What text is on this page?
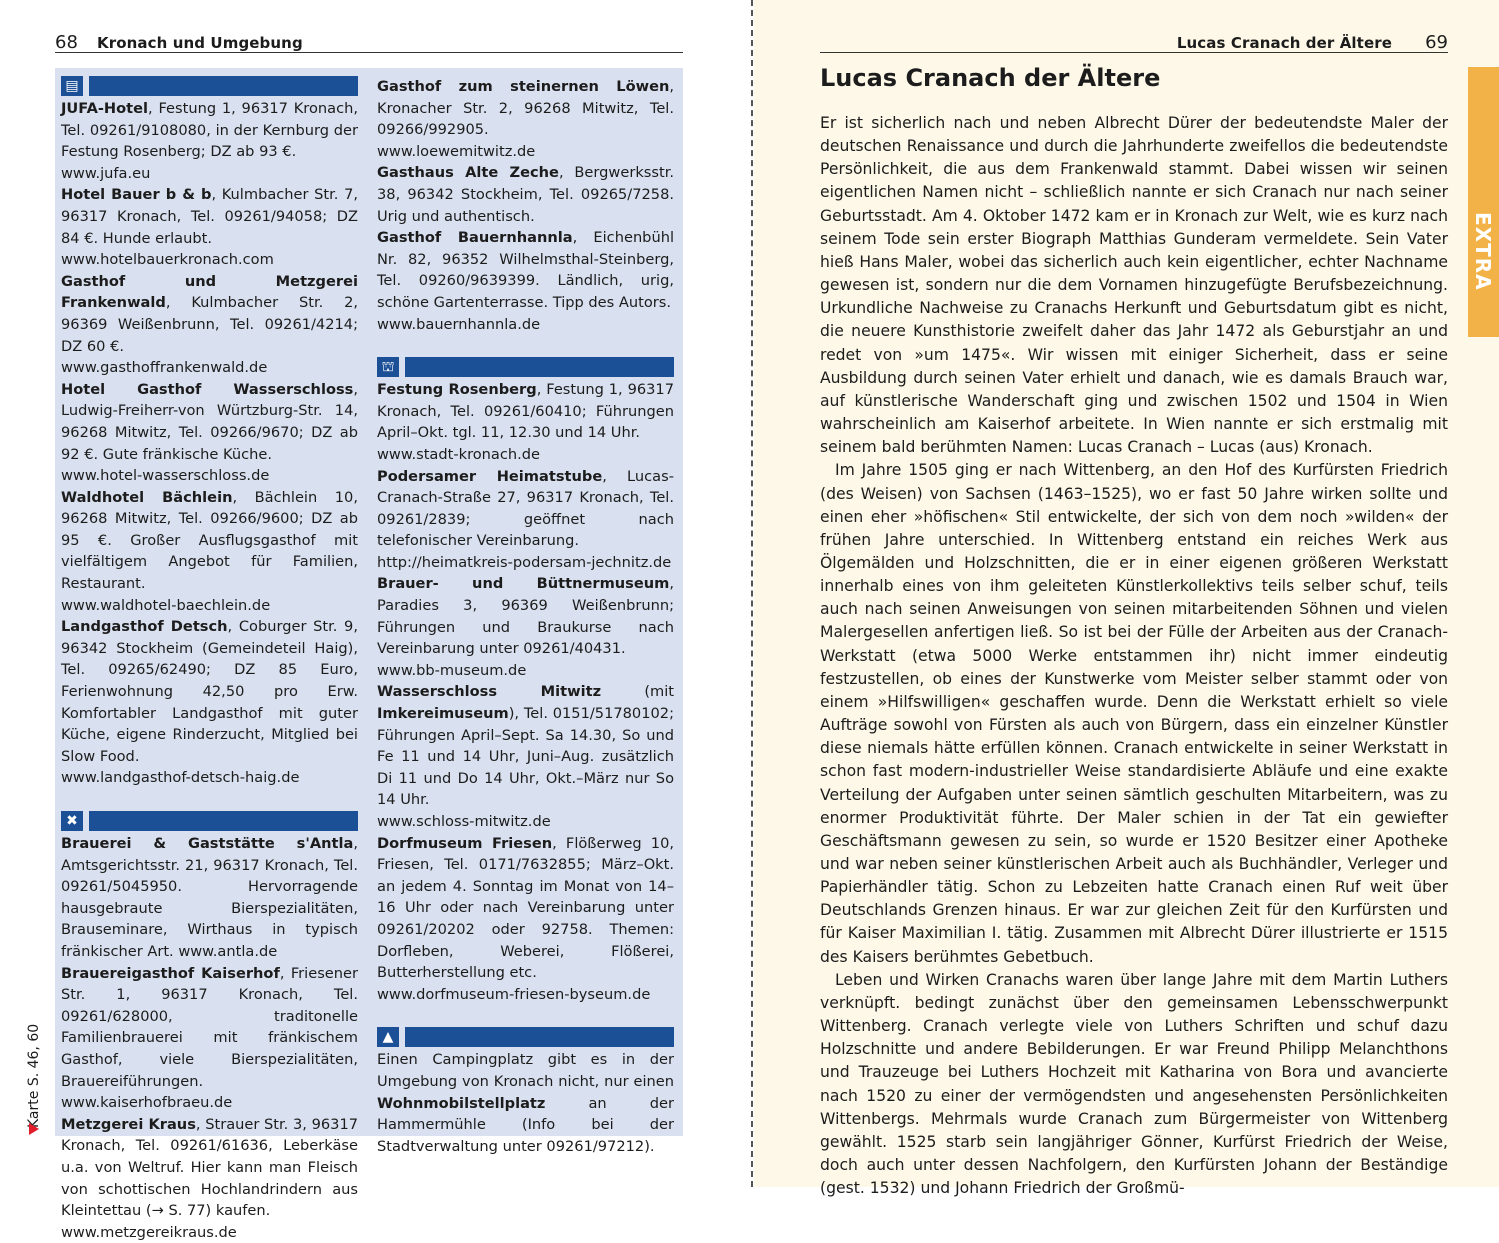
68 Kronach und Umgebung	Lucas Cranach der Ältere 69
▤
JUFA-Hotel, Festung 1, 96317 Kronach, Tel. 09261/9108080, in der Kernburg der Festung Rosenberg; DZ ab 93 €.
www.jufa.eu
Hotel Bauer b & b, Kulmbacher Str. 7, 96317 Kronach, Tel. 09261/94058; DZ 84 €. Hunde erlaubt.
www.hotelbauerkronach.com
Gasthof und Metzgerei Frankenwald, Kulmbacher Str. 2, 96369 Weißenbrunn, Tel. 09261/4214; DZ 60 €.
www.gasthoffrankenwald.de
Hotel Gasthof Wasserschloss, Ludwig-Freiherr-von Würtzburg-Str. 14, 96268 Mitwitz, Tel. 09266/9670; DZ ab 92 €. Gute fränkische Küche.
www.hotel-wasserschloss.de
Waldhotel Bächlein, Bächlein 10, 96268 Mitwitz, Tel. 09266/9600; DZ ab 95 €. Großer Ausflugsgasthof mit vielfältigem Angebot für Familien, Restaurant.
www.waldhotel-baechlein.de
Landgasthof Detsch, Coburger Str. 9, 96342 Stockheim (Gemeindeteil Haig), Tel. 09265/62490; DZ 85 Euro, Ferienwohnung 42,50 pro Erw. Komfortabler Landgasthof mit guter Küche, eigene Rinderzucht, Mitglied bei Slow Food.
www.landgasthof-detsch-haig.de
✖
Brauerei & Gaststätte s'Antla, Amtsgerichtsstr. 21, 96317 Kronach, Tel. 09261/5045950. Hervorragende hausgebraute Bierspezialitäten, Brauseminare, Wirthaus in typisch fränkischer Art. www.antla.de
Brauereigasthof Kaiserhof, Friesener Str. 1, 96317 Kronach, Tel. 09261/628000, traditonelle Familienbrauerei mit fränkischem Gasthof, viele Bierspezialitäten, Brauereiführungen.
www.kaiserhofbraeu.de
Metzgerei Kraus, Strauer Str. 3, 96317 Kronach, Tel. 09261/61636, Leberkäse u.a. von Weltruf. Hier kann man Fleisch von schottischen Hochlandrindern aus Kleintettau (→ S. 77) kaufen.
www.metzgereikraus.de
Gasthof zum steinernen Löwen, Kronacher Str. 2, 96268 Mitwitz, Tel. 09266/992905.
www.loewemitwitz.de
Gasthaus Alte Zeche, Bergwerksstr. 38, 96342 Stockheim, Tel. 09265/7258. Urig und authentisch.
Gasthof Bauernhannla, Eichenbühl Nr. 82, 96352 Wilhelmsthal-Steinberg, Tel. 09260/9639399. Ländlich, urig, schöne Gartenterrasse. Tipp des Autors.
www.bauernhannla.de
⛫
Festung Rosenberg, Festung 1, 96317 Kronach, Tel. 09261/60410; Führungen April–Okt. tgl. 11, 12.30 und 14 Uhr.
www.stadt-kronach.de
Podersamer Heimatstube, Lucas-Cranach-Straße 27, 96317 Kronach, Tel. 09261/2839; geöffnet nach telefonischer Vereinbarung.
http://heimatkreis-podersam-jechnitz.de
Brauer- und Büttnermuseum, Paradies 3, 96369 Weißenbrunn; Führungen und Braukurse nach Vereinbarung unter 09261/40431.
www.bb-museum.de
Wasserschloss Mitwitz (mit Imkereimuseum), Tel. 0151/51780102; Führungen April–Sept. Sa 14.30, So und Fe 11 und 14 Uhr, Juni–Aug. zusätzlich Di 11 und Do 14 Uhr, Okt.–März nur So 14 Uhr.
www.schloss-mitwitz.de
Dorfmuseum Friesen, Flößerweg 10, Friesen, Tel. 0171/7632855; März–Okt. an jedem 4. Sonntag im Monat von 14–16 Uhr oder nach Vereinbarung unter 09261/20202 oder 92758. Themen: Dorfleben, Weberei, Flößerei, Butterherstellung etc.
www.dorfmuseum-friesen-byseum.de
▲
Einen Campingplatz gibt es in der Umgebung von Kronach nicht, nur einen Wohnmobilstellplatz an der Hammermühle (Info bei der Stadtverwaltung unter 09261/97212).
Karte S. 46, 60
EXTRA
Lucas Cranach der Ältere

Er ist sicherlich nach und neben Albrecht Dürer der bedeutendste Maler der deutschen Renaissance und durch die Jahrhunderte zweifellos die bedeutendste Persönlichkeit, die aus dem Frankenwald stammt. Dabei wissen wir seinen eigentlichen Namen nicht – schließlich nannte er sich Cranach nur nach seiner Geburtsstadt. Am 4. Oktober 1472 kam er in Kronach zur Welt, wie es kurz nach seinem Tode sein erster Biograph Matthias Gunderam vermeldete. Sein Vater hieß Hans Maler, wobei das sicherlich auch kein eigentlicher, echter Nachname gewesen ist, sondern nur die dem Vornamen hinzugefügte Berufsbezeichnung. Urkundliche Nachweise zu Cranachs Herkunft und Geburtsdatum gibt es nicht, die neuere Kunsthistorie zweifelt daher das Jahr 1472 als Geburstjahr an und redet von »um 1475«. Wir wissen mit einiger Sicherheit, dass er seine Ausbildung durch seinen Vater erhielt und danach, wie es damals Brauch war, auf künstlerische Wanderschaft ging und zwischen 1502 und 1504 in Wien wahrscheinlich am Kaiserhof arbeitete. In Wien nannte er sich erstmalig mit seinem bald berühmten Namen: Lucas Cranach – Lucas (aus) Kronach.

Im Jahre 1505 ging er nach Wittenberg, an den Hof des Kurfürsten Friedrich (des Weisen) von Sachsen (1463–1525), wo er fast 50 Jahre wirken sollte und einen eher »höfischen« Stil entwickelte, der sich von dem noch »wilden« der frühen Jahre unterschied. In Wittenberg entstand ein reiches Werk aus Ölgemälden und Holzschnitten, die er in einer eigenen größeren Werkstatt innerhalb eines von ihm geleiteten Künstlerkollektivs teils selber schuf, teils auch nach seinen Anweisungen von seinen mitarbeitenden Söhnen und vielen Malergesellen anfertigen ließ. So ist bei der Fülle der Arbeiten aus der Cranach-Werkstatt (etwa 5000 Werke entstammen ihr) nicht immer eindeutig festzustellen, ob eines der Kunstwerke vom Meister selber stammt oder von einem »Hilfswilligen« geschaffen wurde. Denn die Werkstatt erhielt so viele Aufträge sowohl von Fürsten als auch von Bürgern, dass ein einzelner Künstler diese niemals hätte erfüllen können. Cranach entwickelte in seiner Werkstatt in schon fast modern-industrieller Weise standardisierte Abläufe und eine exakte Verteilung der Aufgaben unter seinen sämtlich geschulten Mitarbeitern, was zu enormer Produktivität führte. Der Maler schien in der Tat ein gewiefter Geschäftsmann gewesen zu sein, so wurde er 1520 Besitzer einer Apotheke und war neben seiner künstlerischen Arbeit auch als Buchhändler, Verleger und Papierhändler tätig. Schon zu Lebzeiten hatte Cranach einen Ruf weit über Deutschlands Grenzen hinaus. Er war zur gleichen Zeit für den Kurfürsten und für Kaiser Maximilian I. tätig. Zusammen mit Albrecht Dürer illustrierte er 1515 des Kaisers berühmtes Gebetbuch.

Leben und Wirken Cranachs waren über lange Jahre mit dem Martin Luthers verknüpft. bedingt zunächst über den gemeinsamen Lebensschwerpunkt Wittenberg. Cranach verlegte viele von Luthers Schriften und schuf dazu Holzschnitte und andere Bebilderungen. Er war Freund Philipp Melanchthons und Trauzeuge bei Luthers Hochzeit mit Katharina von Bora und avancierte nach 1520 zu einer der vermögendsten und angesehensten Persönlichkeiten Wittenbergs. Mehrmals wurde Cranach zum Bürgermeister von Wittenberg gewählt. 1525 starb sein langjähriger Gönner, Kurfürst Friedrich der Weise, doch auch unter dessen Nachfolgern, den Kurfürsten Johann der Beständige (gest. 1532) und Johann Friedrich der Großmü-
